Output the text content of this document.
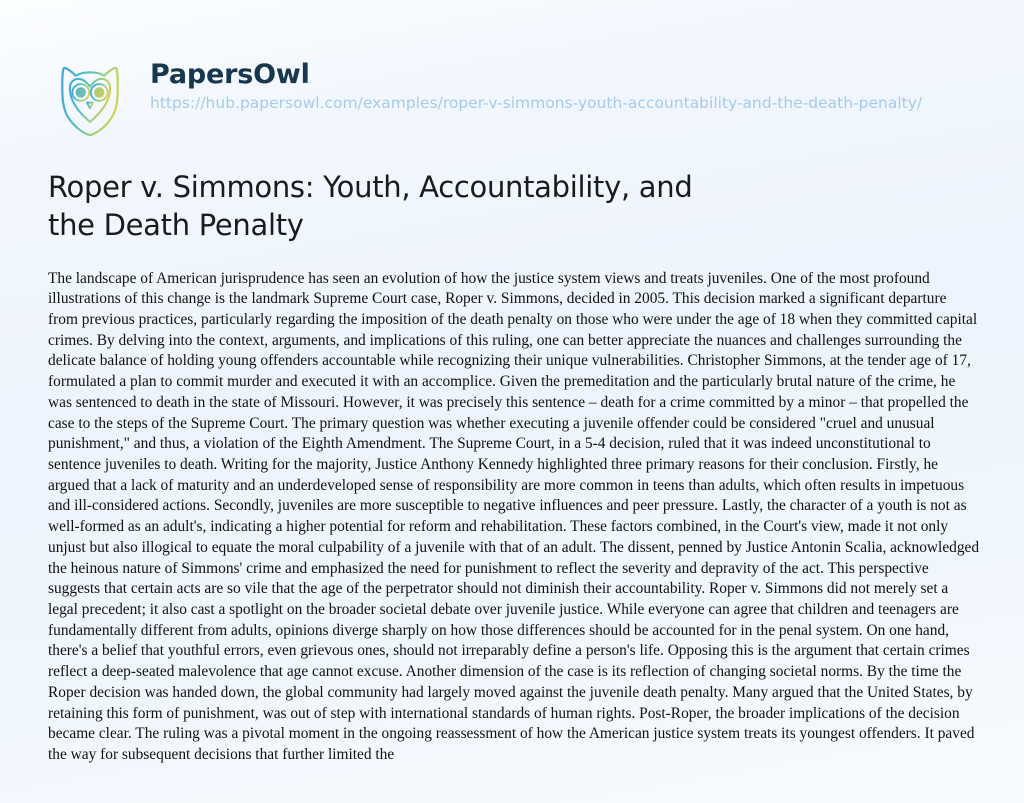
PapersOwl
https://hub.papersowl.com/examples/roper-v-simmons-youth-accountability-and-the-death-penalty/
Roper v. Simmons: Youth, Accountability, and the Death Penalty

The landscape of American jurisprudence has seen an evolution of how the justice system views and treats juveniles. One of the most profound illustrations of this change is the landmark Supreme Court case, Roper v. Simmons, decided in 2005. This decision marked a significant departure from previous practices, particularly regarding the imposition of the death penalty on those who were under the age of 18 when they committed capital crimes. By delving into the context, arguments, and implications of this ruling, one can better appreciate the nuances and challenges surrounding the delicate balance of holding young offenders accountable while recognizing their unique vulnerabilities. Christopher Simmons, at the tender age of 17, formulated a plan to commit murder and executed it with an accomplice. Given the premeditation and the particularly brutal nature of the crime, he was sentenced to death in the state of Missouri. However, it was precisely this sentence – death for a crime committed by a minor – that propelled the case to the steps of the Supreme Court. The primary question was whether executing a juvenile offender could be considered "cruel and unusual punishment," and thus, a violation of the Eighth Amendment. The Supreme Court, in a 5-4 decision, ruled that it was indeed unconstitutional to sentence juveniles to death. Writing for the majority, Justice Anthony Kennedy highlighted three primary reasons for their conclusion. Firstly, he argued that a lack of maturity and an underdeveloped sense of responsibility are more common in teens than adults, which often results in impetuous and ill-considered actions. Secondly, juveniles are more susceptible to negative influences and peer pressure. Lastly, the character of a youth is not as well-formed as an adult's, indicating a higher potential for reform and rehabilitation. These factors combined, in the Court's view, made it not only unjust but also illogical to equate the moral culpability of a juvenile with that of an adult. The dissent, penned by Justice Antonin Scalia, acknowledged the heinous nature of Simmons' crime and emphasized the need for punishment to reflect the severity and depravity of the act. This perspective suggests that certain acts are so vile that the age of the perpetrator should not diminish their accountability. Roper v. Simmons did not merely set a legal precedent; it also cast a spotlight on the broader societal debate over juvenile justice. While everyone can agree that children and teenagers are fundamentally different from adults, opinions diverge sharply on how those differences should be accounted for in the penal system. On one hand, there's a belief that youthful errors, even grievous ones, should not irreparably define a person's life. Opposing this is the argument that certain crimes reflect a deep-seated malevolence that age cannot excuse. Another dimension of the case is its reflection of changing societal norms. By the time the Roper decision was handed down, the global community had largely moved against the juvenile death penalty. Many argued that the United States, by retaining this form of punishment, was out of step with international standards of human rights. Post-Roper, the broader implications of the decision became clear. The ruling was a pivotal moment in the ongoing reassessment of how the American justice system treats its youngest offenders. It paved the way for subsequent decisions that further limited the
